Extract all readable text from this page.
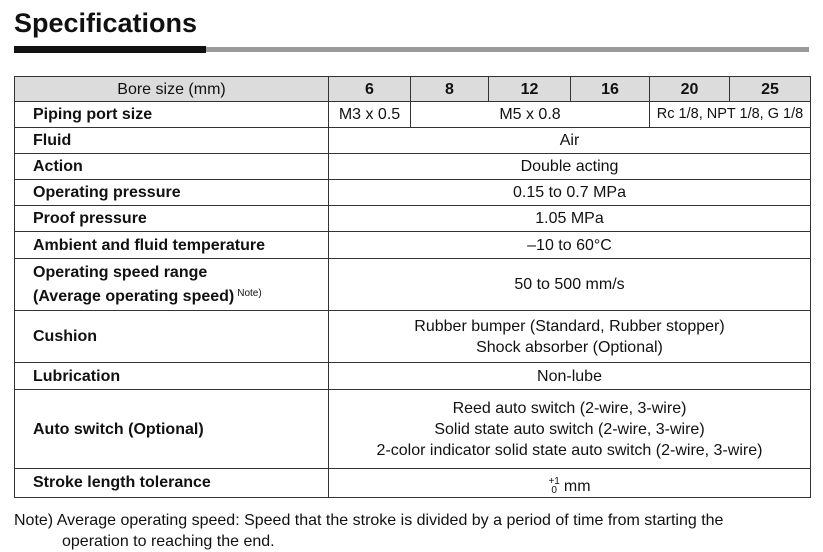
Specifications
Bore size (mm)	6	8	12	16	20	25
Piping port size	M3 x 0.5	M5 x 0.8			Rc 1/8, NPT 1/8, G 1/8	
Fluid	Air					
Action	Double acting					
Operating pressure	0.15 to 0.7 MPa					
Proof pressure	1.05 MPa					
Ambient and fluid temperature	–10 to 60°C					

Operating speed range
(Average operating speed) $^{Note)}$	50 to 500 mm/s					
Cushion	Rubber bumper (Standard, Rubber stopper)
Shock absorber (Optional)					

Lubrication	Non-lube					
Auto switch (Optional)	Reed auto switch (2-wire, 3-wire)
Solid state auto switch (2-wire, 3-wire)
2-color indicator solid state auto switch (2-wire, 3-wire)					

Stroke length tolerance	+1
0 mm					
Note) Average operating speed: Speed that the stroke is divided by a period of time from starting the
operation to reaching the end.
